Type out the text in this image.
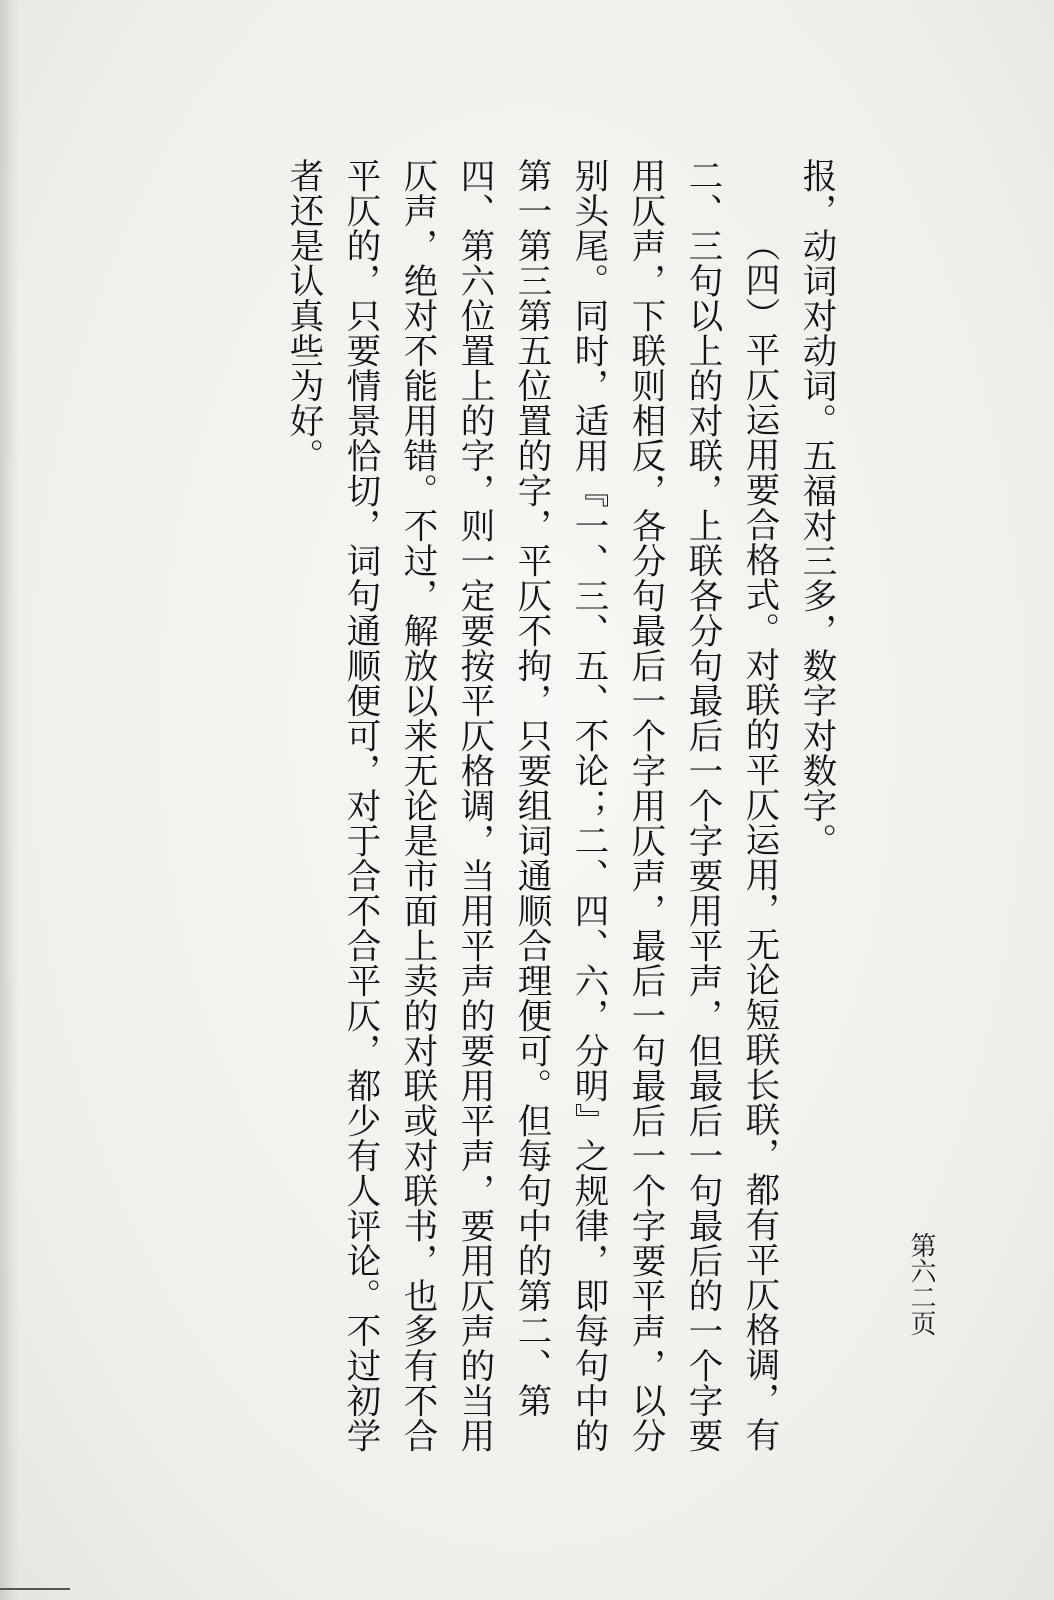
报，动词对动词。五福对三多，数字对数字。

（四）平仄运用要合格式。对联的平仄运用，无论短联长联，都有平仄格调，有二、三句以上的对联，上联各分句最后一个字要用平声，但最后一句最后的一个字要用仄声，下联则相反，各分句最后一个字用仄声，最后一句最后一个字要平声，以分别头尾。同时，适用『一、三、五、不论；二、四、六，分明』之规律，即每句中的第一第三第五位置的字，平仄不拘，只要组词通顺合理便可。但每句中的第二、第四、第六位置上的字，则一定要按平仄格调，当用平声的要用平声，要用仄声的当用仄声，绝对不能用错。不过，解放以来无论是市面上卖的对联或对联书，也多有不合平仄的，只要情景恰切，词句通顺便可，对于合不合平仄，都少有人评论。不过初学者还是认真些为好。

第六二页
